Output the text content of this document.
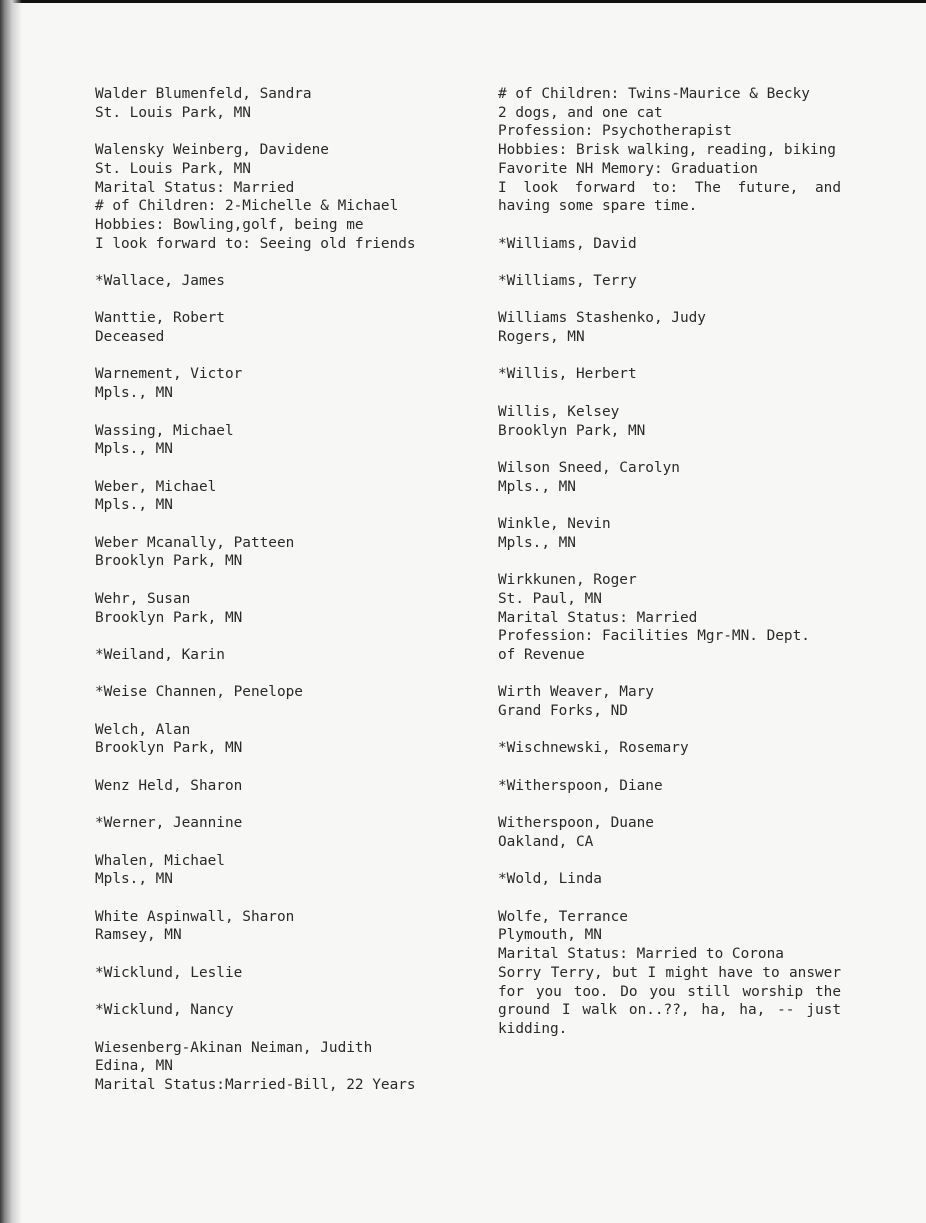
Walder Blumenfeld, Sandra
St. Louis Park, MN
Walensky Weinberg, Davidene
St. Louis Park, MN
Marital Status: Married
# of Children: 2-Michelle & Michael
Hobbies: Bowling,golf, being me
I look forward to: Seeing old friends
*Wallace, James
Wanttie, Robert
Deceased
Warnement, Victor
Mpls., MN
Wassing, Michael
Mpls., MN
Weber, Michael
Mpls., MN
Weber Mcanally, Patteen
Brooklyn Park, MN
Wehr, Susan
Brooklyn Park, MN
*Weiland, Karin
*Weise Channen, Penelope
Welch, Alan
Brooklyn Park, MN
Wenz Held, Sharon
*Werner, Jeannine
Whalen, Michael
Mpls., MN
White Aspinwall, Sharon
Ramsey, MN
*Wicklund, Leslie
*Wicklund, Nancy
Wiesenberg-Akinan Neiman, Judith
Edina, MN
Marital Status:Married-Bill, 22 Years
# of Children: Twins-Maurice & Becky
2 dogs, and one cat
Profession: Psychotherapist
Hobbies: Brisk walking, reading, biking
Favorite NH Memory: Graduation
I look forward to: The future, and having some spare time.
*Williams, David
*Williams, Terry
Williams Stashenko, Judy
Rogers, MN
*Willis, Herbert
Willis, Kelsey
Brooklyn Park, MN
Wilson Sneed, Carolyn
Mpls., MN
Winkle, Nevin
Mpls., MN
Wirkkunen, Roger
St. Paul, MN
Marital Status: Married
Profession: Facilities Mgr-MN. Dept.
of Revenue
Wirth Weaver, Mary
Grand Forks, ND
*Wischnewski, Rosemary
*Witherspoon, Diane
Witherspoon, Duane
Oakland, CA
*Wold, Linda
Wolfe, Terrance
Plymouth, MN
Marital Status: Married to Corona
Sorry Terry, but I might have to answer for you too. Do you still worship the ground I walk on..??, ha, ha, -- just kidding.
